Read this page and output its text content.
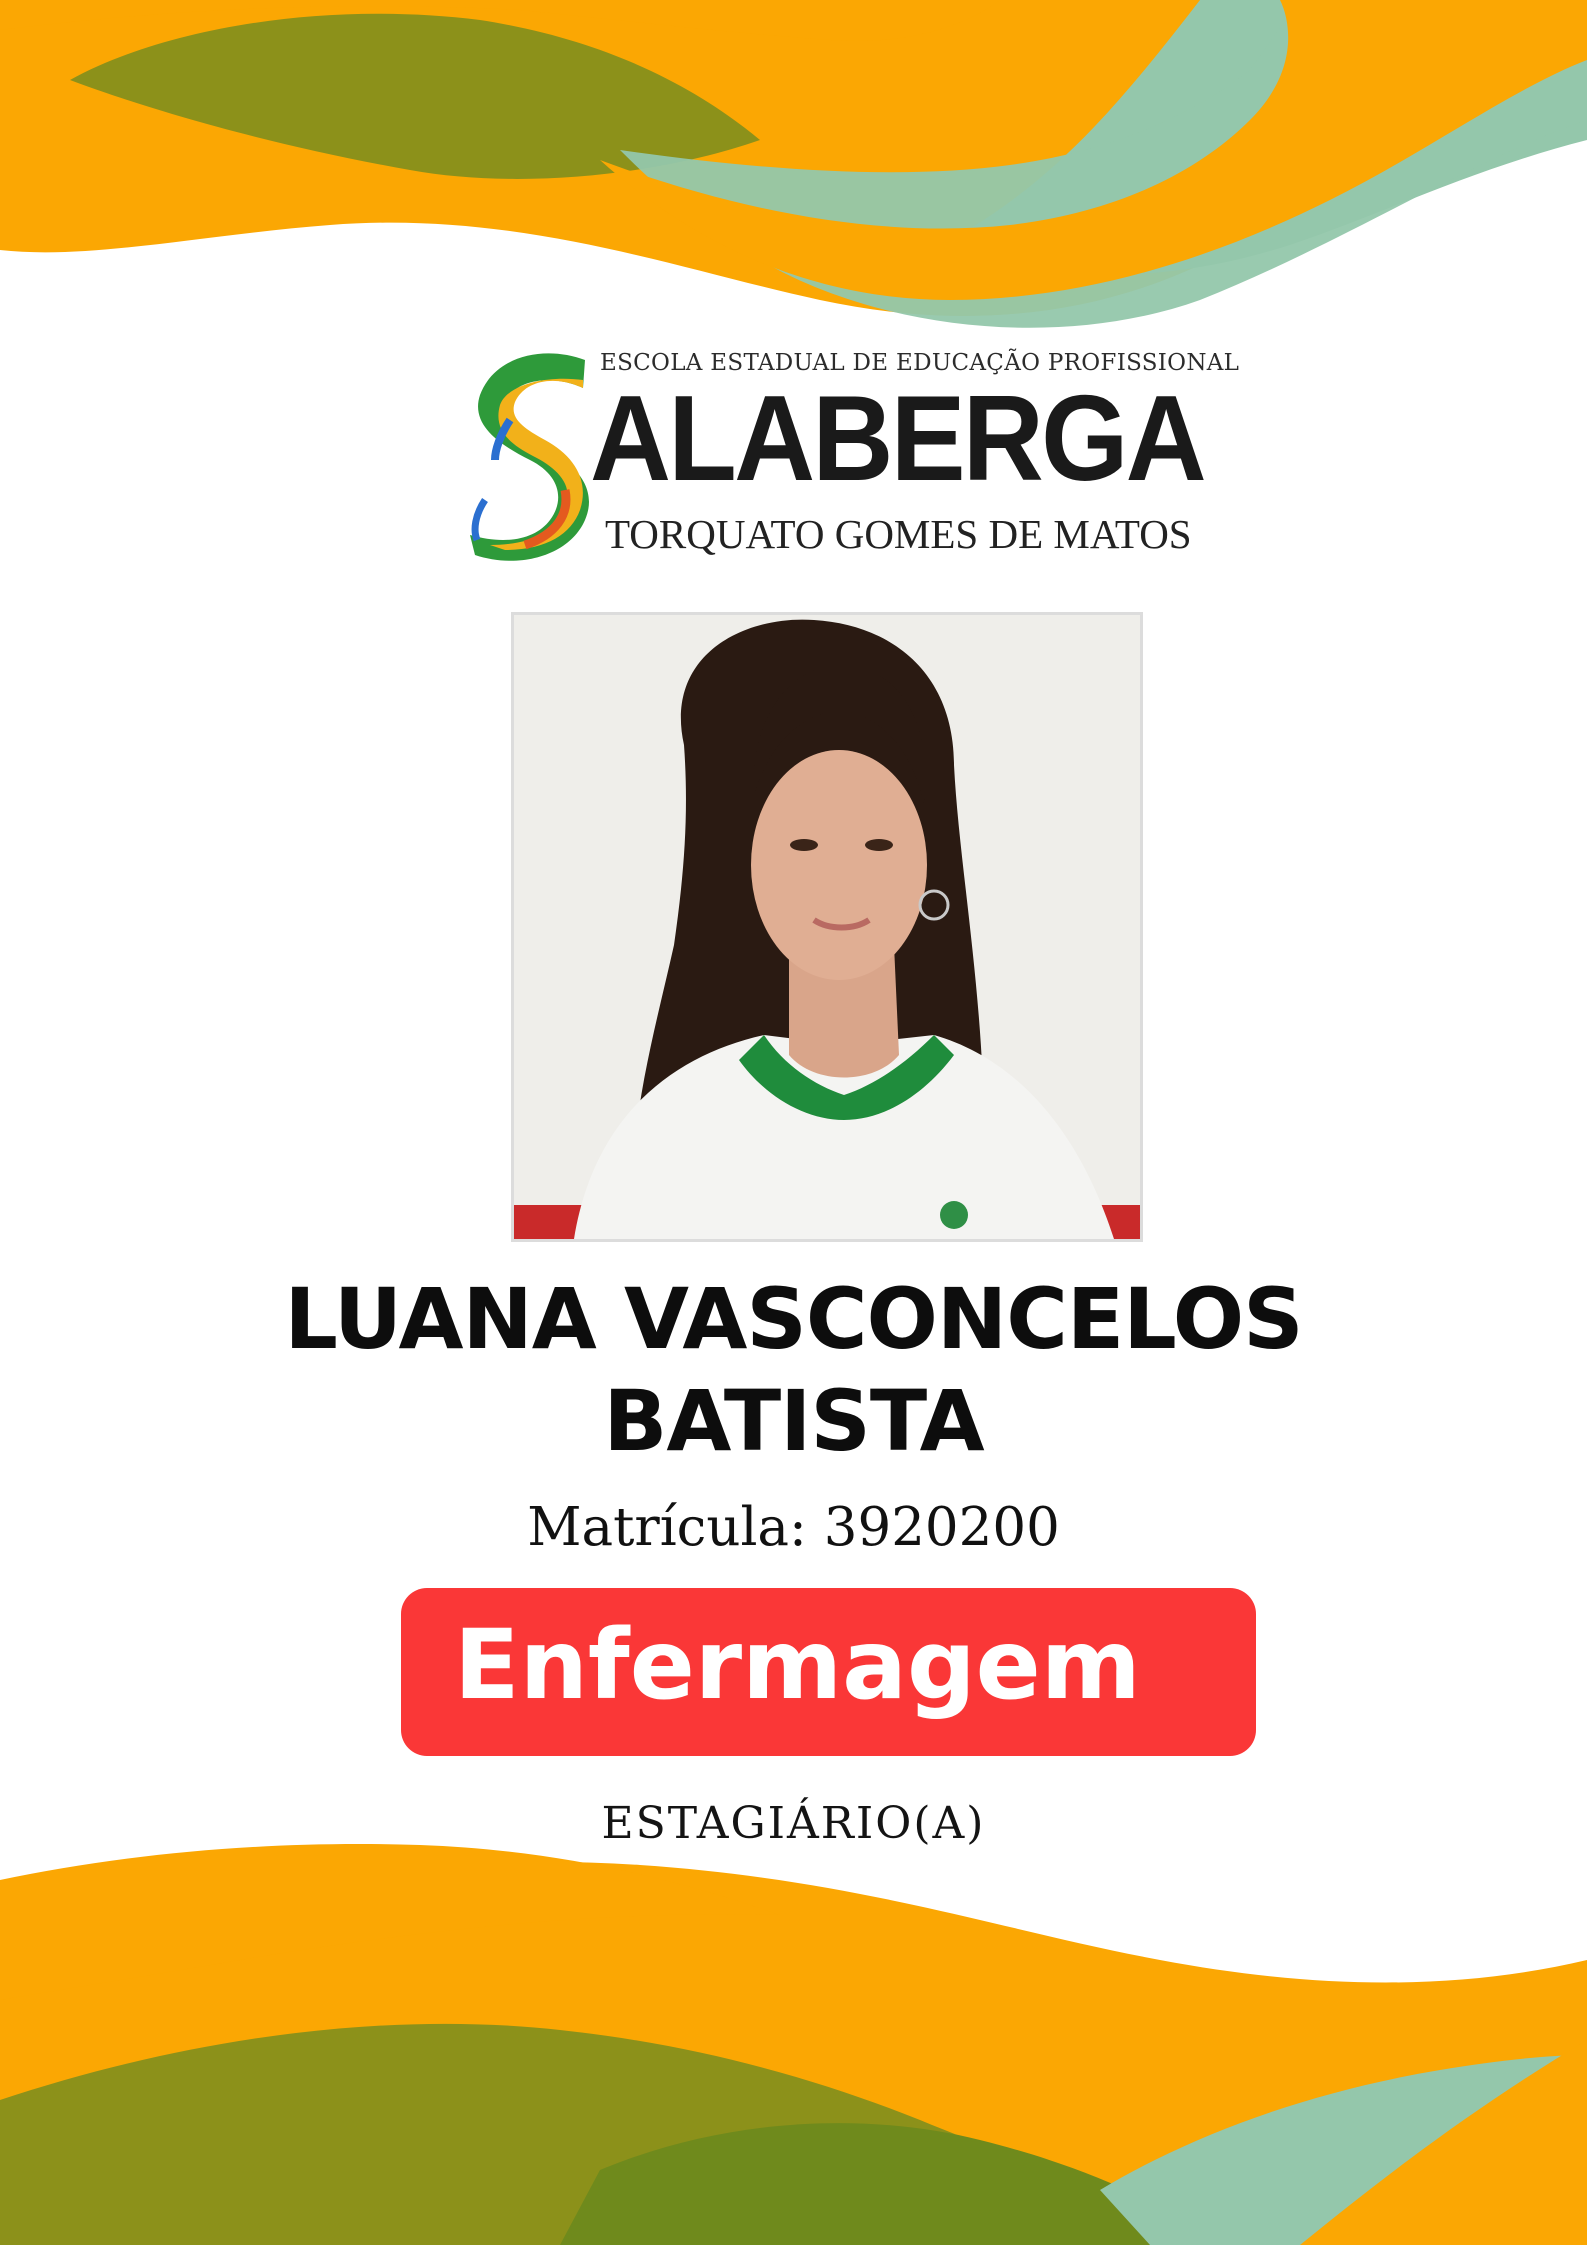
ESCOLA ESTADUAL DE EDUCAÇÃO PROFISSIONAL
ALABERGA
TORQUATO GOMES DE MATOS
LUANA VASCONCELOS
BATISTA
Matrícula: 3920200
Enfermagem
ESTAGIÁRIO(A)
